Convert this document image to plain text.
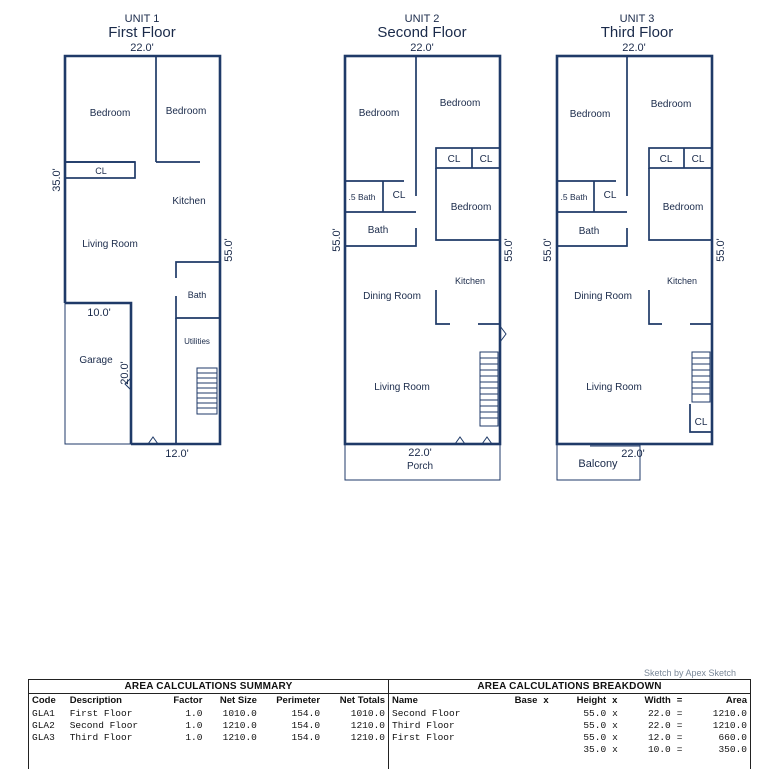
UNIT 1
First Floor
22.0'
Bedroom	Bedroom
CL
Kitchen
Living Room
Bath
Utilities
Garage
10.0'
12.0'
35.0'
55.0'
20.0'
UNIT 2
Second Floor
22.0'
Bedroom
Bedroom
CL CL
.5 Bath CL
Bedroom
Bath
Dining Room
Kitchen
Living Room
22.0'
Porch
55.0'	55.0'
UNIT 3
Third Floor
22.0'
Bedroom
Bedroom
CL CL
.5 Bath CL
Bedroom
Bath
Dining Room
Kitchen
Living Room
CL
22.0'
Balcony
55.0'	55.0'
Sketch by Apex Sketch
AREA CALCULATIONS SUMMARY
Code	Description	Factor	Net Size	Perimeter	Net Totals
GLA1	First Floor	1.0	1010.0	154.0	1010.0
GLA2	Second Floor	1.0	1210.0	154.0	1210.0
GLA3	Third Floor	1.0	1210.0	154.0	1210.0
AREA CALCULATIONS BREAKDOWN
Name	Base	x	Height	x	Width	=	Area
Second Floor			55.0	x	22.0	=	1210.0
Third Floor			55.0	x	22.0	=	1210.0
First Floor			55.0	x	12.0	=	660.0
			35.0	x	10.0	=	350.0
